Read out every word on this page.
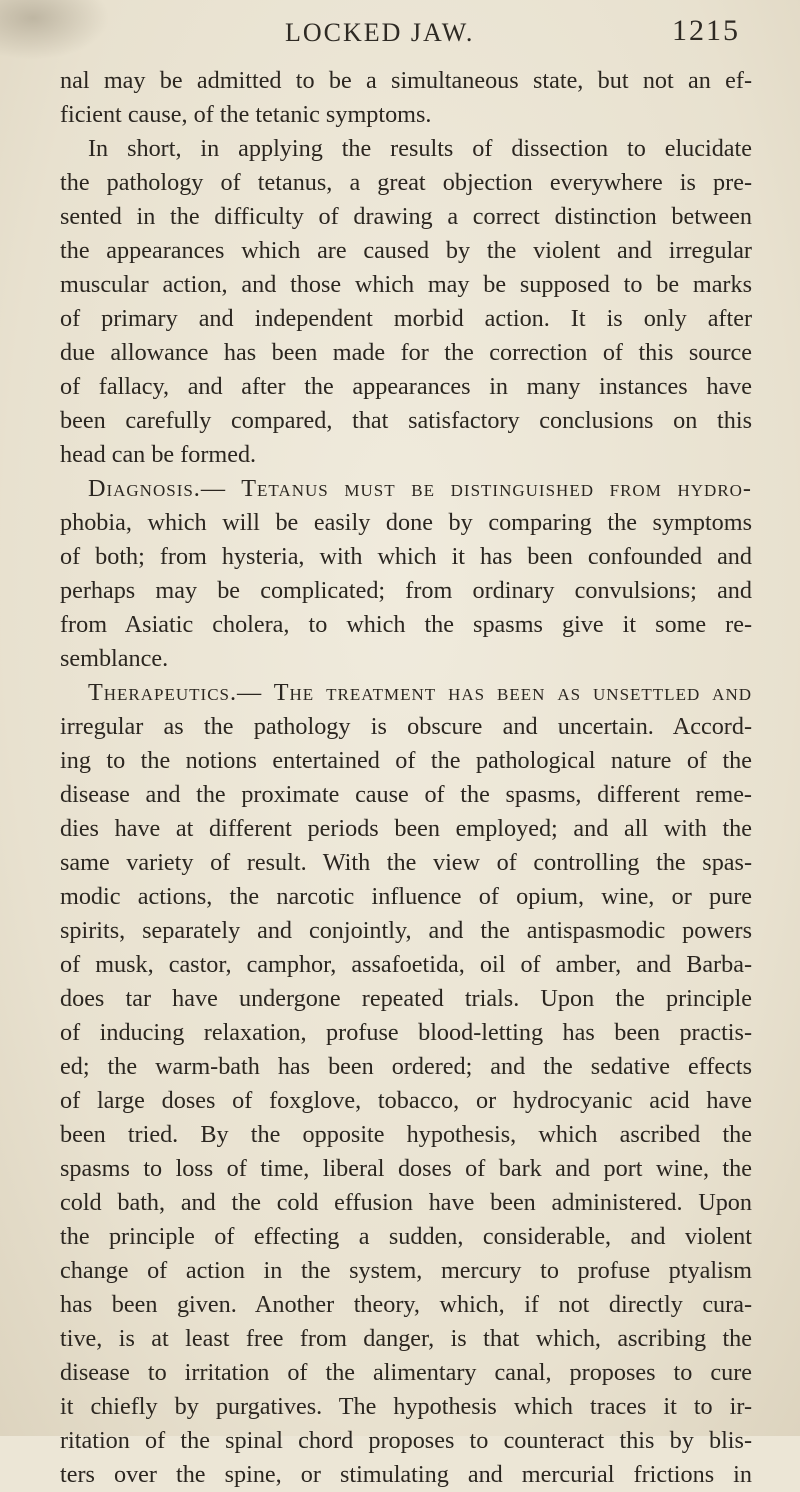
LOCKED JAW.	1215
nal may be admitted to be a simultaneous state, but not an ef-
ficient cause, of the tetanic symptoms.
In short, in applying the results of dissection to elucidate
the pathology of tetanus, a great objection everywhere is pre-
sented in the difficulty of drawing a correct distinction between
the appearances which are caused by the violent and irregular
muscular action, and those which may be supposed to be marks
of primary and independent morbid action. It is only after
due allowance has been made for the correction of this source
of fallacy, and after the appearances in many instances have
been carefully compared, that satisfactory conclusions on this
head can be formed.
Diagnosis.— Tetanus must be distinguished from hydro-
phobia, which will be easily done by comparing the symptoms
of both; from hysteria, with which it has been confounded and
perhaps may be complicated; from ordinary convulsions; and
from Asiatic cholera, to which the spasms give it some re-
semblance.
Therapeutics.— The treatment has been as unsettled and
irregular as the pathology is obscure and uncertain. Accord-
ing to the notions entertained of the pathological nature of the
disease and the proximate cause of the spasms, different reme-
dies have at different periods been employed; and all with the
same variety of result. With the view of controlling the spas-
modic actions, the narcotic influence of opium, wine, or pure
spirits, separately and conjointly, and the antispasmodic powers
of musk, castor, camphor, assafoetida, oil of amber, and Barba-
does tar have undergone repeated trials. Upon the principle
of inducing relaxation, profuse blood-letting has been practis-
ed; the warm-bath has been ordered; and the sedative effects
of large doses of foxglove, tobacco, or hydrocyanic acid have
been tried. By the opposite hypothesis, which ascribed the
spasms to loss of time, liberal doses of bark and port wine, the
cold bath, and the cold effusion have been administered. Upon
the principle of effecting a sudden, considerable, and violent
change of action in the system, mercury to profuse ptyalism
has been given. Another theory, which, if not directly cura-
tive, is at least free from danger, is that which, ascribing the
disease to irritation of the alimentary canal, proposes to cure
it chiefly by purgatives. The hypothesis which traces it to ir-
ritation of the spinal chord proposes to counteract this by blis-
ters over the spine, or stimulating and mercurial frictions in
